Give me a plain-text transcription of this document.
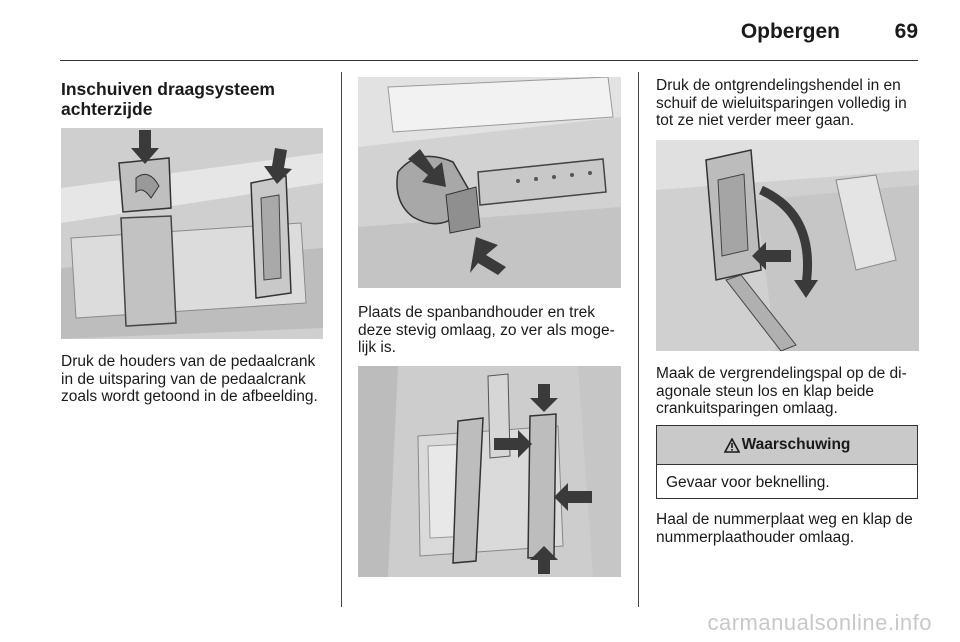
Opbergen	69
Inschuiven draagsysteem
achterzijde
Druk de houders van de pedaalcrank
in de uitsparing van de pedaalcrank
zoals wordt getoond in de afbeelding.
Plaats de spanbandhouder en trek
deze stevig omlaag, zo ver als moge-
lijk is.
Druk de ontgrendelingshendel in en
schuif de wieluitsparingen volledig in
tot ze niet verder meer gaan.
Maak de vergrendelingspal op de di-
agonale steun los en klap beide
crankuitsparingen omlaag.
Waarschuwing
Gevaar voor beknelling.
Haal de nummerplaat weg en klap de
nummerplaathouder omlaag.
carmanualsonline.info
